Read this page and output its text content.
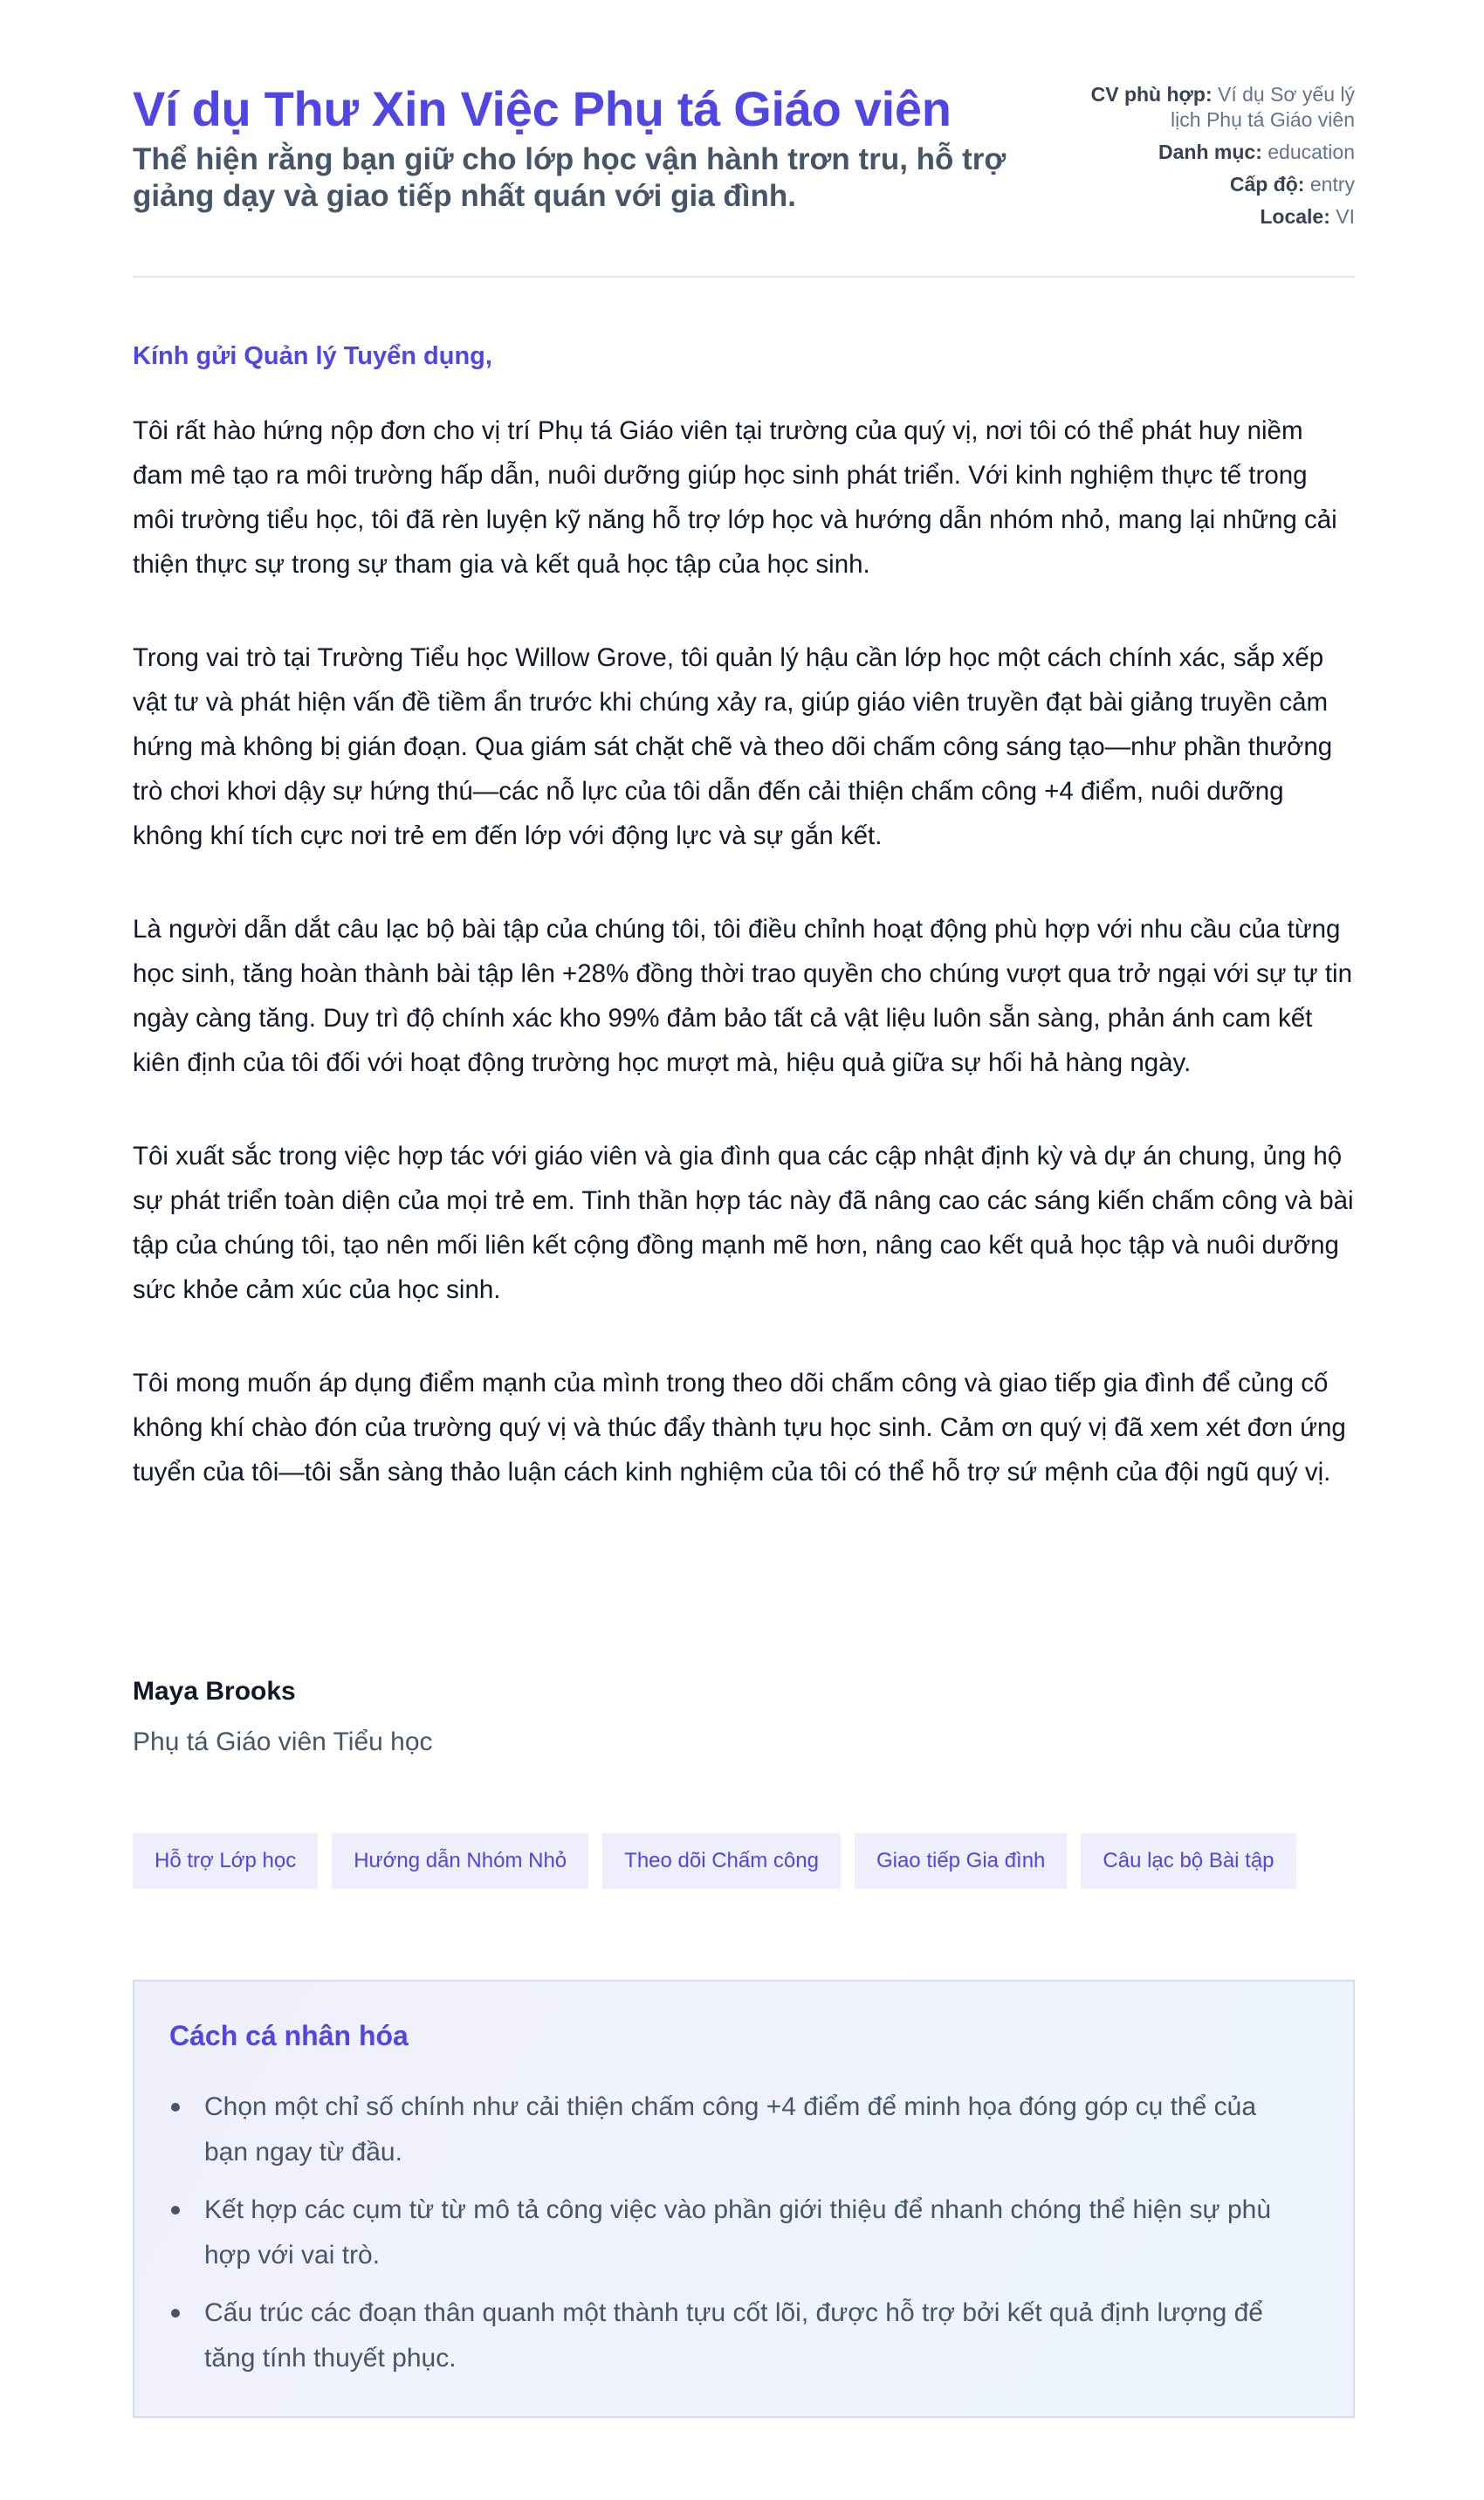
Ví dụ Thư Xin Việc Phụ tá Giáo viên
Thể hiện rằng bạn giữ cho lớp học vận hành trơn tru, hỗ trợ giảng dạy và giao tiếp nhất quán với gia đình.
CV phù hợp: Ví dụ Sơ yếu lý lịch Phụ tá Giáo viên
Danh mục: education
Cấp độ: entry
Locale: VI
Kính gửi Quản lý Tuyển dụng,

Tôi rất hào hứng nộp đơn cho vị trí Phụ tá Giáo viên tại trường của quý vị, nơi tôi có thể phát huy niềm đam mê tạo ra môi trường hấp dẫn, nuôi dưỡng giúp học sinh phát triển. Với kinh nghiệm thực tế trong môi trường tiểu học, tôi đã rèn luyện kỹ năng hỗ trợ lớp học và hướng dẫn nhóm nhỏ, mang lại những cải thiện thực sự trong sự tham gia và kết quả học tập của học sinh.

Trong vai trò tại Trường Tiểu học Willow Grove, tôi quản lý hậu cần lớp học một cách chính xác, sắp xếp vật tư và phát hiện vấn đề tiềm ẩn trước khi chúng xảy ra, giúp giáo viên truyền đạt bài giảng truyền cảm hứng mà không bị gián đoạn. Qua giám sát chặt chẽ và theo dõi chấm công sáng tạo—như phần thưởng trò chơi khơi dậy sự hứng thú—các nỗ lực của tôi dẫn đến cải thiện chấm công +4 điểm, nuôi dưỡng không khí tích cực nơi trẻ em đến lớp với động lực và sự gắn kết.

Là người dẫn dắt câu lạc bộ bài tập của chúng tôi, tôi điều chỉnh hoạt động phù hợp với nhu cầu của từng học sinh, tăng hoàn thành bài tập lên +28% đồng thời trao quyền cho chúng vượt qua trở ngại với sự tự tin ngày càng tăng. Duy trì độ chính xác kho 99% đảm bảo tất cả vật liệu luôn sẵn sàng, phản ánh cam kết kiên định của tôi đối với hoạt động trường học mượt mà, hiệu quả giữa sự hối hả hàng ngày.

Tôi xuất sắc trong việc hợp tác với giáo viên và gia đình qua các cập nhật định kỳ và dự án chung, ủng hộ sự phát triển toàn diện của mọi trẻ em. Tinh thần hợp tác này đã nâng cao các sáng kiến chấm công và bài tập của chúng tôi, tạo nên mối liên kết cộng đồng mạnh mẽ hơn, nâng cao kết quả học tập và nuôi dưỡng sức khỏe cảm xúc của học sinh.

Tôi mong muốn áp dụng điểm mạnh của mình trong theo dõi chấm công và giao tiếp gia đình để củng cố không khí chào đón của trường quý vị và thúc đẩy thành tựu học sinh. Cảm ơn quý vị đã xem xét đơn ứng tuyển của tôi—tôi sẵn sàng thảo luận cách kinh nghiệm của tôi có thể hỗ trợ sứ mệnh của đội ngũ quý vị.

Maya Brooks
Phụ tá Giáo viên Tiểu học
Hỗ trợ Lớp học	Hướng dẫn Nhóm Nhỏ	Theo dõi Chấm công	Giao tiếp Gia đình	Câu lạc bộ Bài tập
Cách cá nhân hóa
Chọn một chỉ số chính như cải thiện chấm công +4 điểm để minh họa đóng góp cụ thể của bạn ngay từ đầu.
Kết hợp các cụm từ từ mô tả công việc vào phần giới thiệu để nhanh chóng thể hiện sự phù hợp với vai trò.
Cấu trúc các đoạn thân quanh một thành tựu cốt lõi, được hỗ trợ bởi kết quả định lượng để tăng tính thuyết phục.
